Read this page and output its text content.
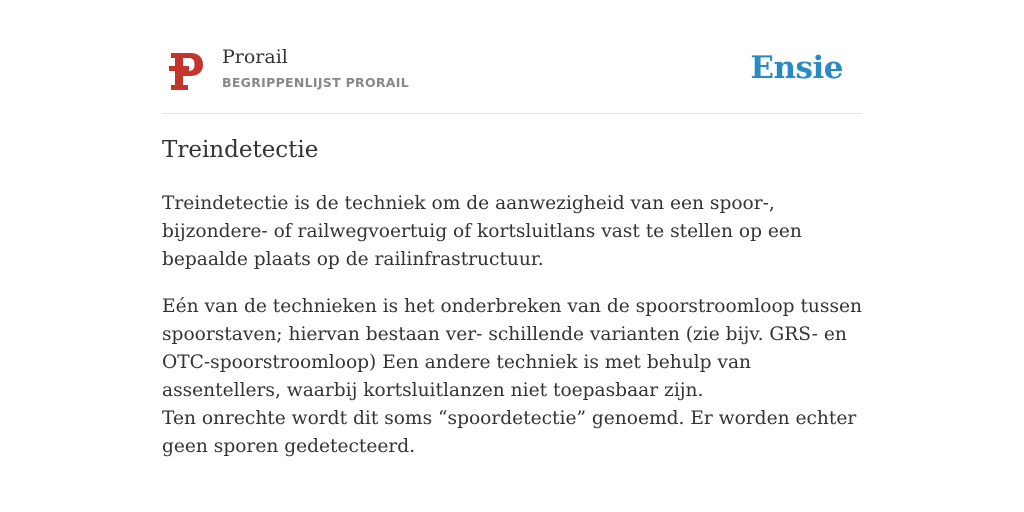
Prorail
BEGRIPPENLIJST PRORAIL	Ensie
Treindetectie

Treindetectie is de techniek om de aanwezigheid van een spoor-, bijzondere- of railwegvoertuig of kortsluitlans vast te stellen op een bepaalde plaats op de railinfrastructuur.

Eén van de technieken is het onderbreken van de spoorstroomloop tussen spoorstaven; hiervan bestaan ver- schillende varianten (zie bijv. GRS- en OTC-spoorstroomloop) Een andere techniek is met behulp van assentellers, waarbij kortsluitlanzen niet toepasbaar zijn.
Ten onrechte wordt dit soms “spoordetectie” genoemd. Er worden echter geen sporen gedetecteerd.
